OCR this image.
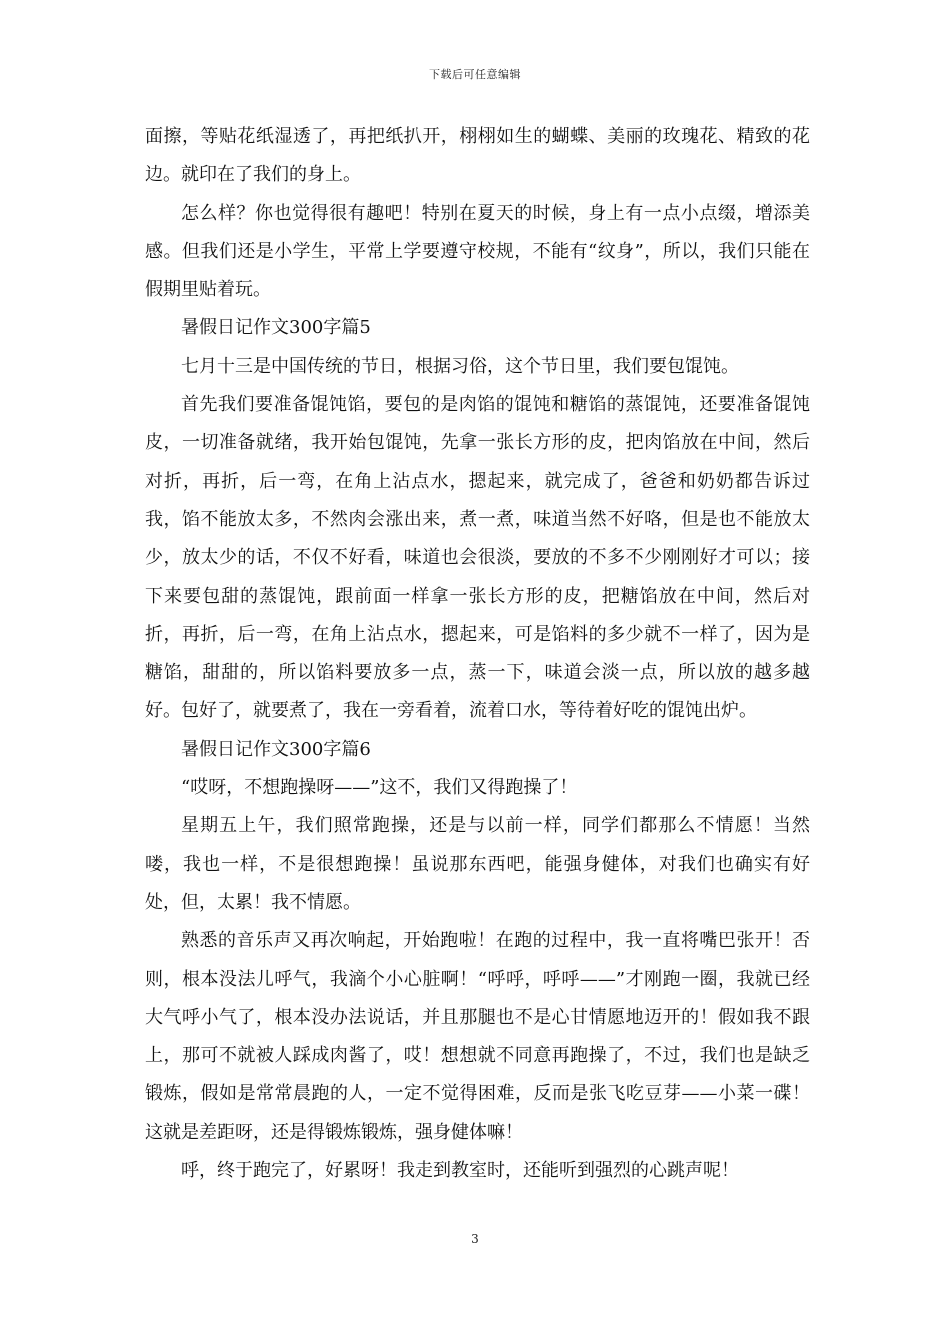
下载后可任意编辑

面擦，等贴花纸湿透了，再把纸扒开，栩栩如生的蝴蝶、美丽的玫瑰花、精致的花边。就印在了我们的身上。

怎么样？你也觉得很有趣吧！特别在夏天的时候，身上有一点小点缀，增添美感。但我们还是小学生，平常上学要遵守校规，不能有“纹身”，所以，我们只能在假期里贴着玩。

暑假日记作文300字篇5

七月十三是中国传统的节日，根据习俗，这个节日里，我们要包馄饨。

首先我们要准备馄饨馅，要包的是肉馅的馄饨和糖馅的蒸馄饨，还要准备馄饨皮，一切准备就绪，我开始包馄饨，先拿一张长方形的皮，把肉馅放在中间，然后对折，再折，后一弯，在角上沾点水，摁起来，就完成了，爸爸和奶奶都告诉过我，馅不能放太多，不然肉会涨出来，煮一煮，味道当然不好咯，但是也不能放太少，放太少的话，不仅不好看，味道也会很淡，要放的不多不少刚刚好才可以；接下来要包甜的蒸馄饨，跟前面一样拿一张长方形的皮，把糖馅放在中间，然后对折，再折，后一弯，在角上沾点水，摁起来，可是馅料的多少就不一样了，因为是糖馅，甜甜的，所以馅料要放多一点，蒸一下，味道会淡一点，所以放的越多越好。包好了，就要煮了，我在一旁看着，流着口水，等待着好吃的馄饨出炉。

暑假日记作文300字篇6

“哎呀，不想跑操呀——”这不，我们又得跑操了！

星期五上午，我们照常跑操，还是与以前一样，同学们都那么不情愿！当然喽，我也一样，不是很想跑操！虽说那东西吧，能强身健体，对我们也确实有好处，但，太累！我不情愿。

熟悉的音乐声又再次响起，开始跑啦！在跑的过程中，我一直将嘴巴张开！否则，根本没法儿呼气，我滴个小心脏啊！“呼呼，呼呼——”才刚跑一圈，我就已经大气呼小气了，根本没办法说话，并且那腿也不是心甘情愿地迈开的！假如我不跟上，那可不就被人踩成肉酱了，哎！想想就不同意再跑操了，不过，我们也是缺乏锻炼，假如是常常晨跑的人，一定不觉得困难，反而是张飞吃豆芽——小菜一碟！这就是差距呀，还是得锻炼锻炼，强身健体嘛！

呼，终于跑完了，好累呀！我走到教室时，还能听到强烈的心跳声呢！

3
